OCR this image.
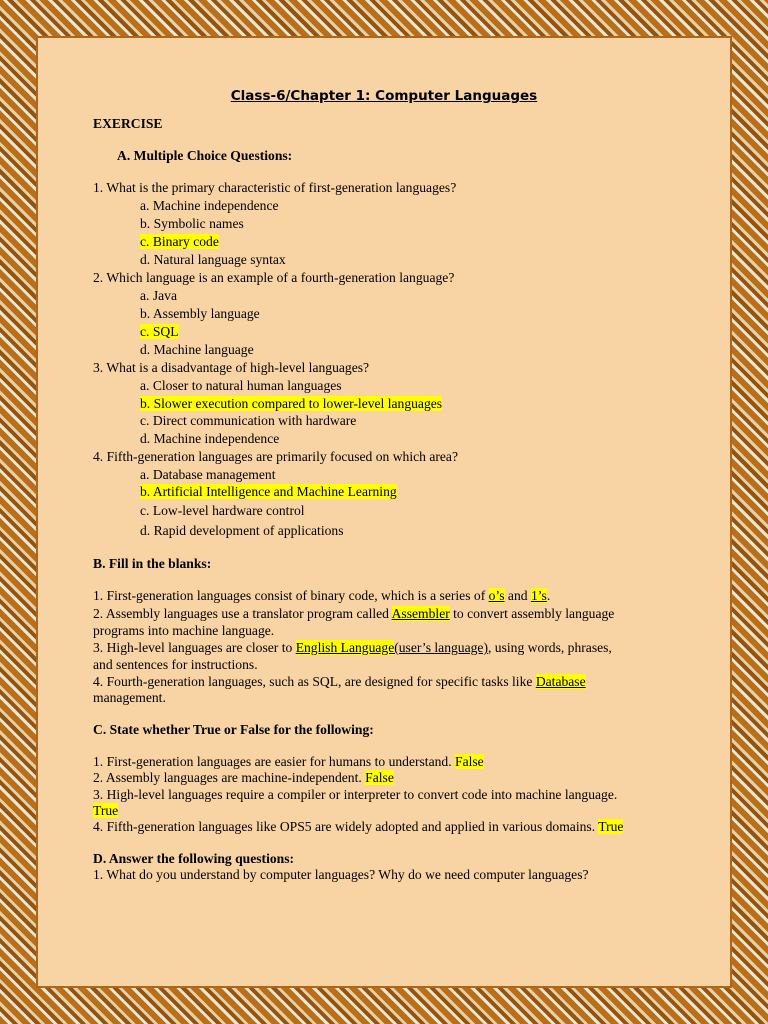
Class-6/Chapter 1: Computer Languages
EXERCISE
A. Multiple Choice Questions:
1. What is the primary characteristic of first-generation languages?
a. Machine independence
b. Symbolic names
c. Binary code
d. Natural language syntax
2. Which language is an example of a fourth-generation language?
a. Java
b. Assembly language
c. SQL
d. Machine language
3. What is a disadvantage of high-level languages?
a. Closer to natural human languages
b. Slower execution compared to lower-level languages
c. Direct communication with hardware
d. Machine independence
4. Fifth-generation languages are primarily focused on which area?
a. Database management
b. Artificial Intelligence and Machine Learning
c. Low-level hardware control
d. Rapid development of applications
B. Fill in the blanks:
1. First-generation languages consist of binary code, which is a series of o’s and 1’s.
2. Assembly languages use a translator program called Assembler to convert assembly language
programs into machine language.
3. High-level languages are closer to English Language(user’s language), using words, phrases,
and sentences for instructions.
4. Fourth-generation languages, such as SQL, are designed for specific tasks like Database
management.
C. State whether True or False for the following:
1. First-generation languages are easier for humans to understand. False
2. Assembly languages are machine-independent. False
3. High-level languages require a compiler or interpreter to convert code into machine language.
True
4. Fifth-generation languages like OPS5 are widely adopted and applied in various domains. True
D. Answer the following questions:
1. What do you understand by computer languages? Why do we need computer languages?
